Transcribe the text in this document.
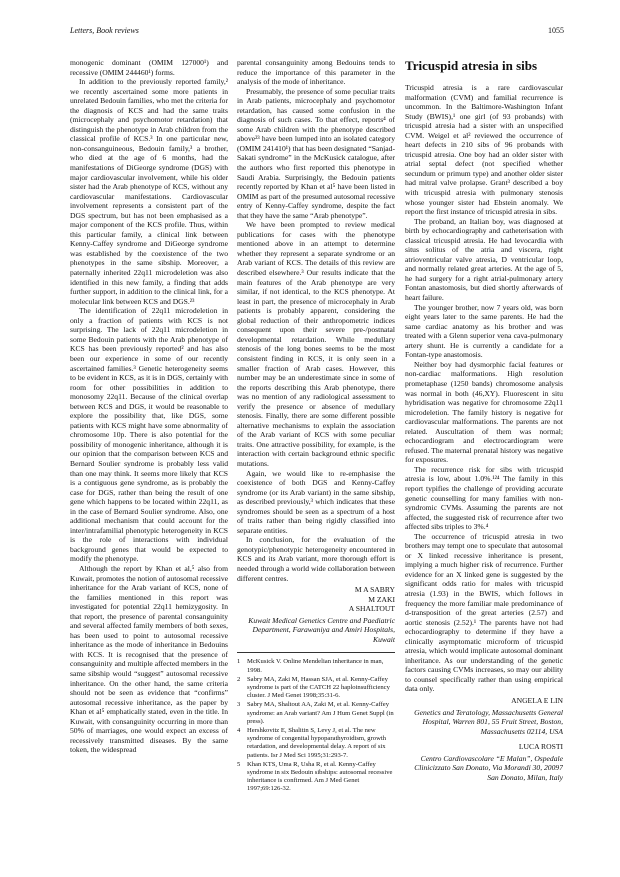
Letters, Book reviews	1055

monogenic dominant (OMIM 127000¹) and recessive (OMIM 244460¹) forms.

In addition to the previously reported family,² we recently ascertained some more patients in unrelated Bedouin families, who met the criteria for the diagnosis of KCS and had the same traits (microcephaly and psychomotor retardation) that distinguish the phenotype in Arab children from the classical profile of KCS.³ In one particular new, non-consanguineous, Bedouin family,³ a brother, who died at the age of 6 months, had the manifestations of DiGeorge syndrome (DGS) with major cardiovascular involvement, while his older sister had the Arab phenotype of KCS, without any cardiovascular manifestations. Cardiovascular involvement represents a consistent part of the DGS spectrum, but has not been emphasised as a major component of the KCS profile. Thus, within this particular family, a clinical link between Kenny-Caffey syndrome and DiGeorge syndrome was established by the coexistence of the two phenotypes in the same sibship. Moreover, a paternally inherited 22q11 microdeletion was also identified in this new family, a finding that adds further support, in addition to the clinical link, for a molecular link between KCS and DGS.²³

The identification of 22q11 microdeletion in only a fraction of patients with KCS is not surprising. The lack of 22q11 microdeletion in some Bedouin patients with the Arab phenotype of KCS has been previously reported² and has also been our experience in some of our recently ascertained families.³ Genetic heterogeneity seems to be evident in KCS, as it is in DGS, certainly with room for other possibilities in addition to monosomy 22q11. Because of the clinical overlap between KCS and DGS, it would be reasonable to explore the possibility that, like DGS, some patients with KCS might have some abnormality of chromosome 10p. There is also potential for the possibility of monogenic inheritance, although it is our opinion that the comparison between KCS and Bernard Soulier syndrome is probably less valid than one may think. It seems more likely that KCS is a contiguous gene syndrome, as is probably the case for DGS, rather than being the result of one gene which happens to be located within 22q11, as in the case of Bernard Soulier syndrome. Also, one additional mechanism that could account for the inter/intrafamilial phenotypic heterogeneity in KCS is the role of interactions with individual background genes that would be expected to modify the phenotype.

Although the report by Khan et al,⁵ also from Kuwait, promotes the notion of autosomal recessive inheritance for the Arab variant of KCS, none of the families mentioned in this report was investigated for potential 22q11 hemizygosity. In that report, the presence of parental consanguinity and several affected family members of both sexes, has been used to point to autosomal recessive inheritance as the mode of inheritance in Bedouins with KCS. It is recognised that the presence of consanguinity and multiple affected members in the same sibship would “suggest” autosomal recessive inheritance. On the other hand, the same criteria should not be seen as evidence that “confirms” autosomal recessive inheritance, as the paper by Khan et al⁵ emphatically stated, even in the title. In Kuwait, with consanguinity occurring in more than 50% of marriages, one would expect an excess of recessively transmitted diseases. By the same token, the widespread

parental consanguinity among Bedouins tends to reduce the importance of this parameter in the analysis of the mode of inheritance.

Presumably, the presence of some peculiar traits in Arab patients, microcephaly and psychomotor retardation, has caused some confusion in the diagnosis of such cases. To that effect, reports⁴ of some Arab children with the phenotype described above²³ have been lumped into an isolated category (OMIM 241410¹) that has been designated “Sanjad-Sakati syndrome” in the McKusick catalogue, after the authors who first reported this phenotype in Saudi Arabia. Surprisingly, the Bedouin patients recently reported by Khan et al⁵ have been listed in OMIM as part of the presumed autosomal recessive entry of Kenny-Caffey syndrome, despite the fact that they have the same “Arab phenotype”.

We have been prompted to review medical publications for cases with the phenotype mentioned above in an attempt to determine whether they represent a separate syndrome or an Arab variant of KCS. The details of this review are described elsewhere.³ Our results indicate that the main features of the Arab phenotype are very similar, if not identical, to the KCS phenotype. At least in part, the presence of microcephaly in Arab patients is probably apparent, considering the global reduction of their anthropometric indices consequent upon their severe pre-/postnatal developmental retardation. While medullary stenosis of the long bones seems to be the most consistent finding in KCS, it is only seen in a smaller fraction of Arab cases. However, this number may be an underestimate since in some of the reports describing this Arab phenotype, there was no mention of any radiological assessment to verify the presence or absence of medullary stenosis. Finally, there are some different possible alternative mechanisms to explain the association of the Arab variant of KCS with some peculiar traits. One attractive possibility, for example, is the interaction with certain background ethnic specific mutations.

Again, we would like to re-emphasise the coexistence of both DGS and Kenny-Caffey syndrome (or its Arab variant) in the same sibship, as described previously,³ which indicates that these syndromes should be seen as a spectrum of a host of traits rather than being rigidly classified into separate entities.

In conclusion, for the evaluation of the genotypic/phenotypic heterogeneity encountered in KCS and its Arab variant, more thorough effort is needed through a world wide collaboration between different centres.

M A SABRY
M ZAKI
A SHALTOUT
Kuwait Medical Genetics Centre and Paediatric Department, Farawaniya and Amiri Hospitals, Kuwait
1	McKusick V. Online Mendelian inheritance in man, 1998.
2	Sabry MA, Zaki M, Hassan SJA, et al. Kenny-Caffey syndrome is part of the CATCH 22 haploinsufficiency cluster. J Med Genet 1998;35:31-6.
3	Sabry MA, Shaltout AA, Zaki M, et al. Kenny-Caffey syndrome: an Arab variant? Am J Hum Genet Suppl (in press).
4	Hershkovitz E, Shalitin S, Levy J, et al. The new syndrome of congenital hypoparathyroidism, growth retardation, and developmental delay. A report of six patients. Isr J Med Sci 1995;31:293-7.
5	Khan KTS, Uma R, Usha R, et al. Kenny-Caffey syndrome in six Bedouin sibships: autosomal recessive inheritance is confirmed. Am J Med Genet 1997;69:126-32.
Tricuspid atresia in sibs

Tricuspid atresia is a rare cardiovascular malformation (CVM) and familial recurrence is uncommon. In the Baltimore-Washington Infant Study (BWIS),¹ one girl (of 93 probands) with tricuspid atresia had a sister with an unspecified CVM. Weigel et al² reviewed the occurrence of heart defects in 210 sibs of 96 probands with tricuspid atresia. One boy had an older sister with atrial septal defect (not specified whether secundum or primum type) and another older sister had mitral valve prolapse. Grant³ described a boy with tricuspid atresia with pulmonary stenosis whose younger sister had Ebstein anomaly. We report the first instance of tricuspid atresia in sibs.

The proband, an Italian boy, was diagnosed at birth by echocardiography and catheterisation with classical tricuspid atresia. He had levocardia with situs solitus of the atria and viscera, right atrioventricular valve atresia, D ventricular loop, and normally related great arteries. At the age of 5, he had surgery for a right atrial-pulmonary artery Fontan anastomosis, but died shortly afterwards of heart failure.

The younger brother, now 7 years old, was born eight years later to the same parents. He had the same cardiac anatomy as his brother and was treated with a Glenn superior vena cava-pulmonary artery shunt. He is currently a candidate for a Fontan-type anastomosis.

Neither boy had dysmorphic facial features or non-cardiac malformations. High resolution prometaphase (1250 bands) chromosome analysis was normal in both (46,XY). Fluorescent in situ hybridisation was negative for chromosome 22q11 microdeletion. The family history is negative for cardiovascular malformations. The parents are not related. Auscultation of them was normal; echocardiogram and electrocardiogram were refused. The maternal prenatal history was negative for exposures.

The recurrence risk for sibs with tricuspid atresia is low, about 1.0%.¹²⁴ The family in this report typifies the challenge of providing accurate genetic counselling for many families with non-syndromic CVMs. Assuming the parents are not affected, the suggested risk of recurrence after two affected sibs triples to 3%.⁴

The occurrence of tricuspid atresia in two brothers may tempt one to speculate that autosomal or X linked recessive inheritance is present, implying a much higher risk of recurrence. Further evidence for an X linked gene is suggested by the significant odds ratio for males with tricuspid atresia (1.93) in the BWIS, which follows in frequency the more familiar male predominance of d-transposition of the great arteries (2.57) and aortic stenosis (2.52).¹ The parents have not had echocardiography to determine if they have a clinically asymptomatic microform of tricuspid atresia, which would implicate autosomal dominant inheritance. As our understanding of the genetic factors causing CVMs increases, so may our ability to counsel specifically rather than using empirical data only.

ANGELA E LIN
Genetics and Teratology, Massachusetts General Hospital, Warren 801, 55 Fruit Street, Boston, Massachusetts 02114, USA
LUCA ROSTI
Centro Cardiovascolare “E Malan”, Ospedale Clinicizzato San Donato, Via Morandi 30, 20097 San Donato, Milan, Italy
